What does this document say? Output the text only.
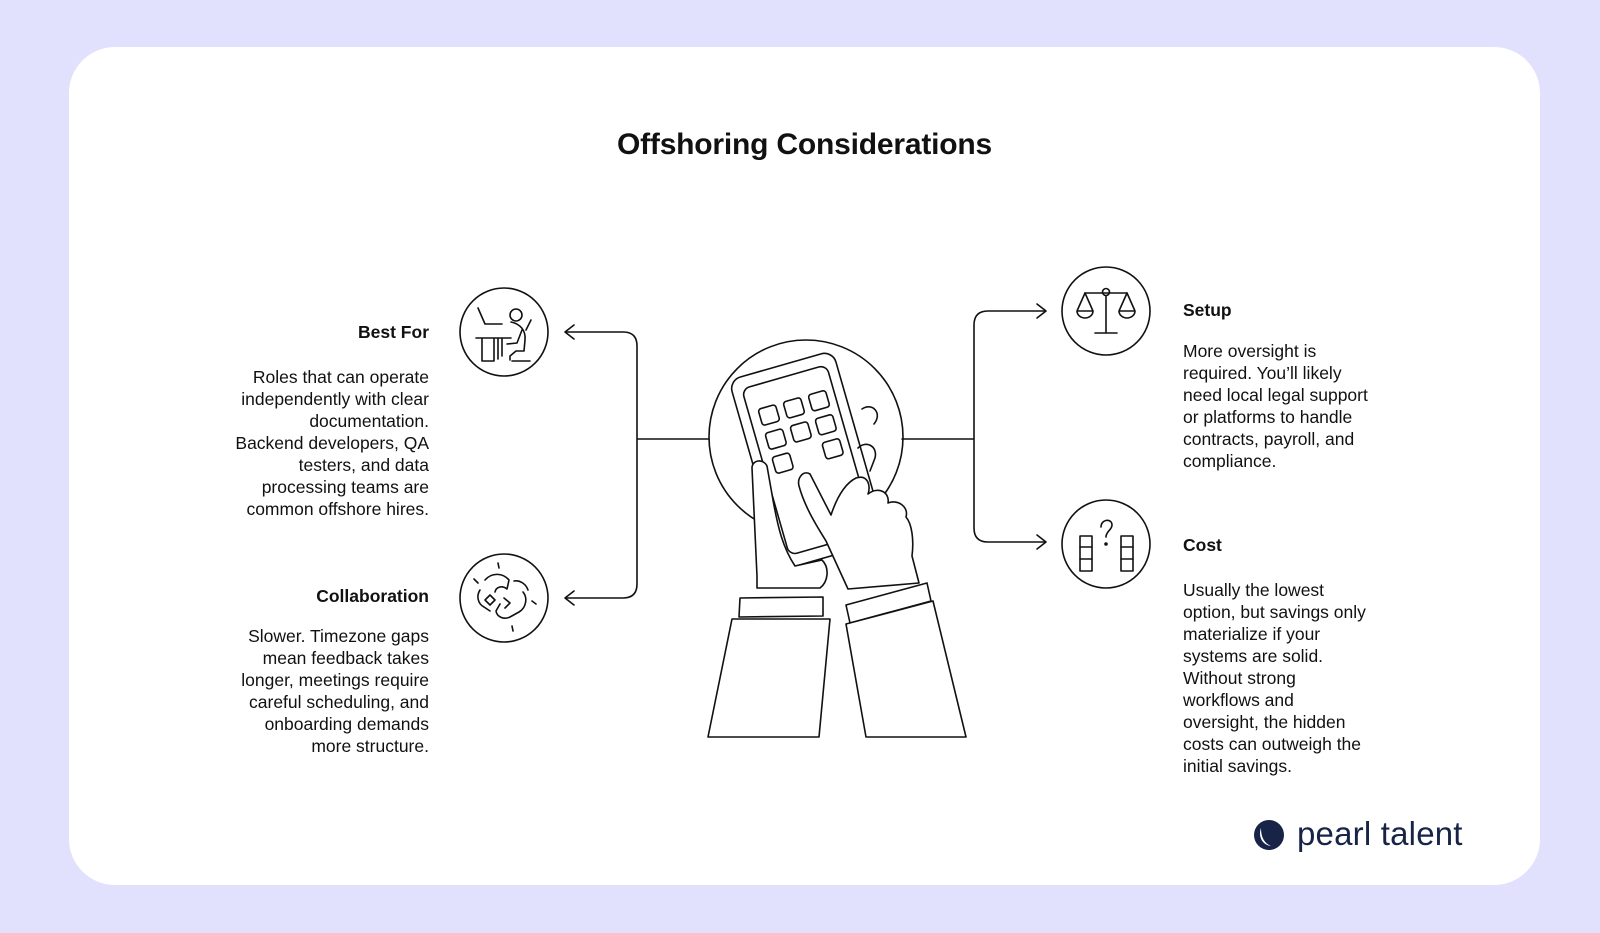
Offshoring Considerations
Best For
Roles that can operate
independently with clear
documentation.
Backend developers, QA
testers, and data
processing teams are
common offshore hires.
Collaboration
Slower. Timezone gaps
mean feedback takes
longer, meetings require
careful scheduling, and
onboarding demands
more structure.
Setup
More oversight is
required. You’ll likely
need local legal support
or platforms to handle
contracts, payroll, and
compliance.
Cost
Usually the lowest
option, but savings only
materialize if your
systems are solid.
Without strong
workflows and
oversight, the hidden
costs can outweigh the
initial savings.
pearl talent
